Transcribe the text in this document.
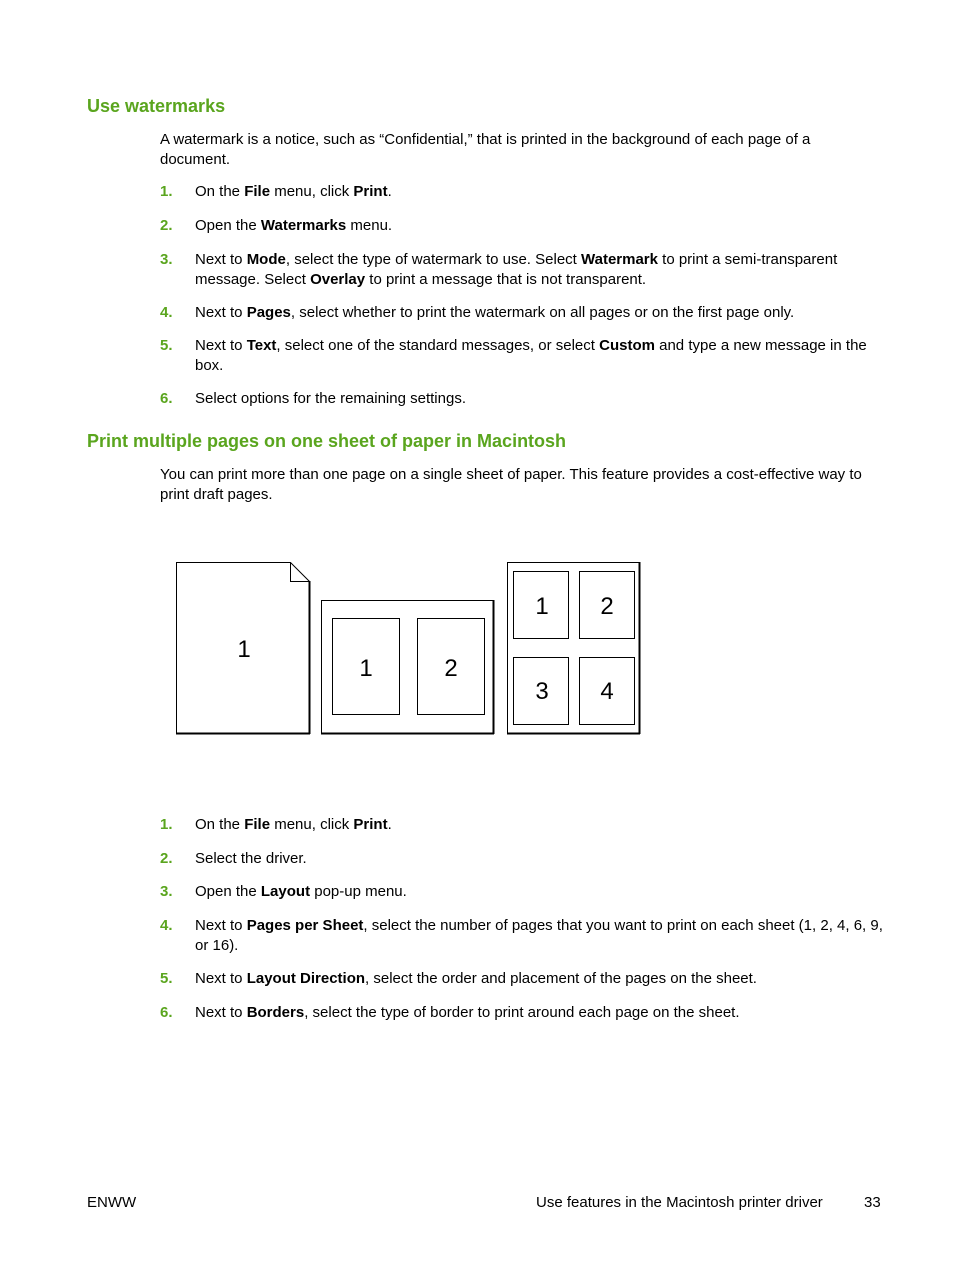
Use watermarks

A watermark is a notice, such as “Confidential,” that is printed in the background of each page of a document.

1. On the File menu, click Print.
2. Open the Watermarks menu.
3. Next to Mode, select the type of watermark to use. Select Watermark to print a semi-transparent message. Select Overlay to print a message that is not transparent.
4. Next to Pages, select whether to print the watermark on all pages or on the first page only.
5. Next to Text, select one of the standard messages, or select Custom and type a new message in the box.
6. Select options for the remaining settings.
Print multiple pages on one sheet of paper in Macintosh

You can print more than one page on a single sheet of paper. This feature provides a cost-effective way to print draft pages.

1
1	2
1 2
3 4
1. On the File menu, click Print.
2. Select the driver.
3. Open the Layout pop-up menu.
4. Next to Pages per Sheet, select the number of pages that you want to print on each sheet (1, 2, 4, 6, 9, or 16).
5. Next to Layout Direction, select the order and placement of the pages on the sheet.
6. Next to Borders, select the type of border to print around each page on the sheet.
ENWW	Use features in the Macintosh printer driver	33
